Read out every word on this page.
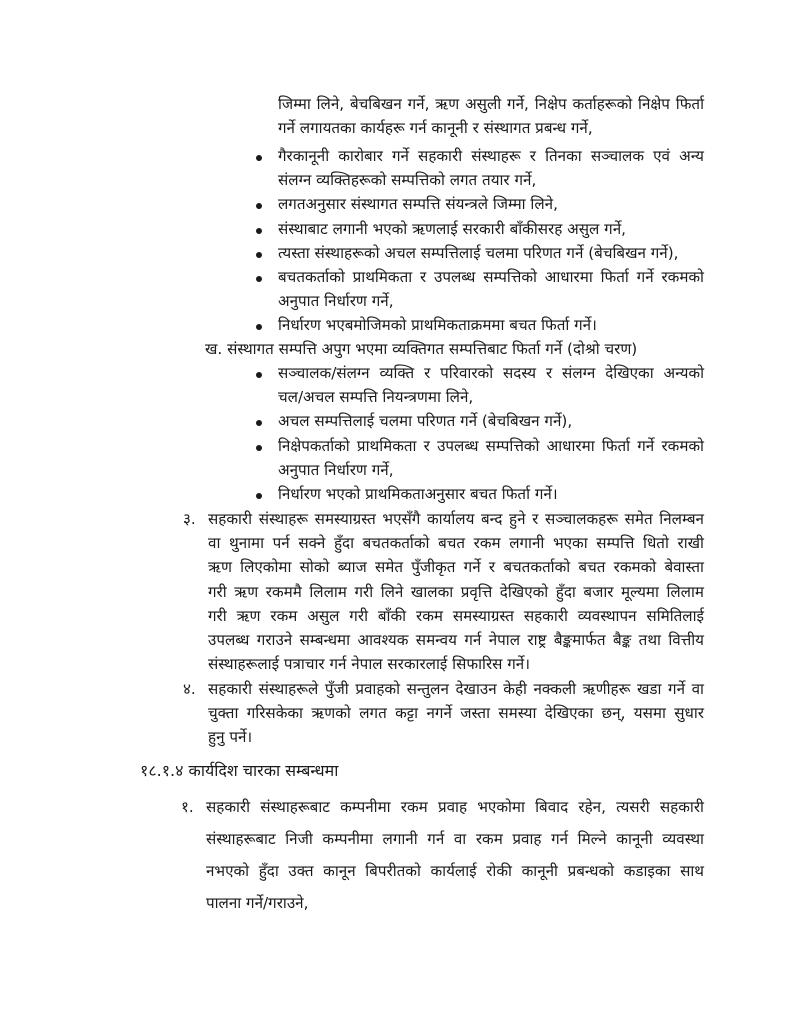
जिम्मा लिने, बेचबिखन गर्ने, ऋण असुली गर्ने, निक्षेप कर्ताहरूको निक्षेप फिर्ता
गर्ने लगायतका कार्यहरू गर्न कानूनी र संस्थागत प्रबन्ध गर्ने,
गैरकानूनी कारोबार गर्ने सहकारी संस्थाहरू र तिनका सञ्चालक एवं अन्य
संलग्न व्यक्तिहरूको सम्पत्तिको लगत तयार गर्ने,
लगतअनुसार संस्थागत सम्पत्ति संयन्त्रले जिम्मा लिने,
संस्थाबाट लगानी भएको ऋणलाई सरकारी बाँकीसरह असुल गर्ने,
त्यस्ता संस्थाहरूको अचल सम्पत्तिलाई चलमा परिणत गर्ने (बेचबिखन गर्ने),
बचतकर्ताको प्राथमिकता र उपलब्ध सम्पत्तिको आधारमा फिर्ता गर्ने रकमको
अनुपात निर्धारण गर्ने,
निर्धारण भएबमोजिमको प्राथमिकताक्रममा बचत फिर्ता गर्ने।
ख. संस्थागत सम्पत्ति अपुग भएमा व्यक्तिगत सम्पत्तिबाट फिर्ता गर्ने (दोश्रो चरण)
सञ्चालक/संलग्न व्यक्ति र परिवारको सदस्य र संलग्न देखिएका अन्यको
चल/अचल सम्पत्ति नियन्त्रणमा लिने,
अचल सम्पत्तिलाई चलमा परिणत गर्ने (बेचबिखन गर्ने),
निक्षेपकर्ताको प्राथमिकता र उपलब्ध सम्पत्तिको आधारमा फिर्ता गर्ने रकमको
अनुपात निर्धारण गर्ने,
निर्धारण भएको प्राथमिकताअनुसार बचत फिर्ता गर्ने।
३. सहकारी संस्थाहरू समस्याग्रस्त भएसँगै कार्यालय बन्द हुने र सञ्चालकहरू समेत निलम्बन
वा थुनामा पर्न सक्ने हुँदा बचतकर्ताको बचत रकम लगानी भएका सम्पत्ति धितो राखी
ऋण लिएकोमा सोको ब्याज समेत पुँजीकृत गर्ने र बचतकर्ताको बचत रकमको बेवास्ता
गरी ऋण रकममै लिलाम गरी लिने खालका प्रवृत्ति देखिएको हुँदा बजार मूल्यमा लिलाम
गरी ऋण रकम असुल गरी बाँकी रकम समस्याग्रस्त सहकारी व्यवस्थापन समितिलाई
उपलब्ध गराउने सम्बन्धमा आवश्यक समन्वय गर्न नेपाल राष्ट्र बैङ्कमार्फत बैङ्क तथा वित्तीय
संस्थाहरूलाई पत्राचार गर्न नेपाल सरकारलाई सिफारिस गर्ने।
४. सहकारी संस्थाहरूले पुँजी प्रवाहको सन्तुलन देखाउन केही नक्कली ऋणीहरू खडा गर्ने वा
चुक्ता गरिसकेका ऋणको लगत कट्टा नगर्ने जस्ता समस्या देखिएका छन्, यसमा सुधार
हुनु पर्ने।
१८.१.४ कार्यदिश चारका सम्बन्धमा
१. सहकारी संस्थाहरूबाट कम्पनीमा रकम प्रवाह भएकोमा बिवाद रहेन, त्यसरी सहकारी
संस्थाहरूबाट निजी कम्पनीमा लगानी गर्न वा रकम प्रवाह गर्न मिल्ने कानूनी व्यवस्था
नभएको हुँदा उक्त कानून बिपरीतको कार्यलाई रोकी कानूनी प्रबन्धको कडाइका साथ
पालना गर्ने/गराउने,
